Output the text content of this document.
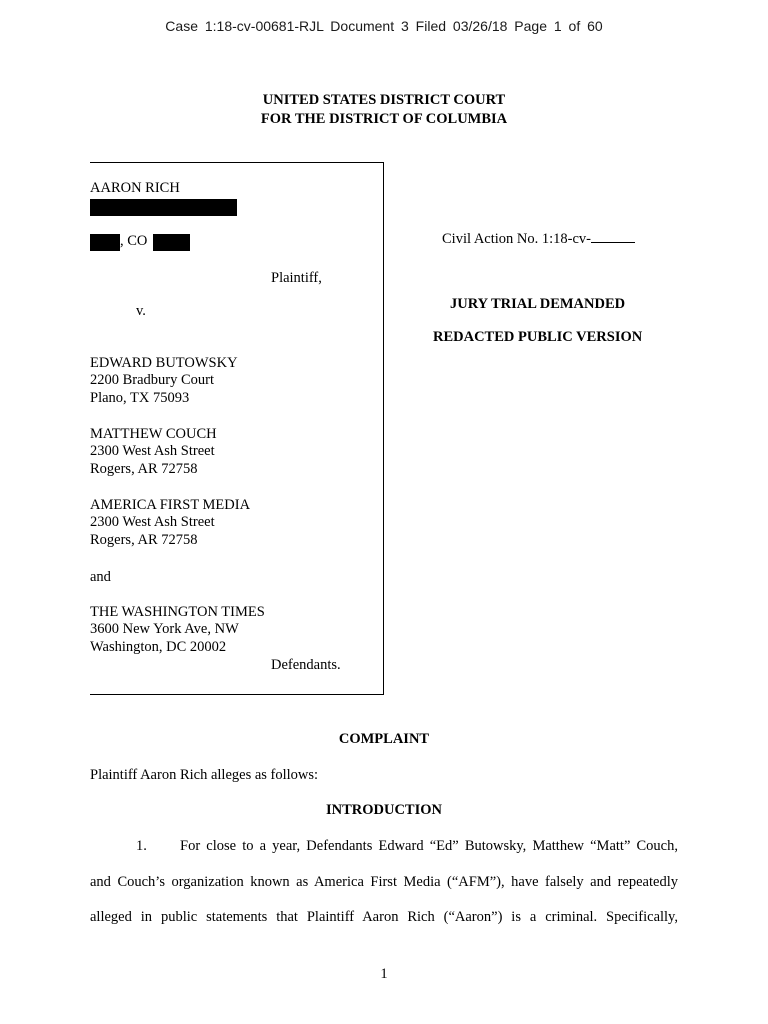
Case 1:18-cv-00681-RJL Document 3 Filed 03/26/18 Page 1 of 60
UNITED STATES DISTRICT COURT
FOR THE DISTRICT OF COLUMBIA
AARON RICH
, CO
Plaintiff,
v.
EDWARD BUTOWSKY
2200 Bradbury Court
Plano, TX 75093
MATTHEW COUCH
2300 West Ash Street
Rogers, AR 72758
AMERICA FIRST MEDIA
2300 West Ash Street
Rogers, AR 72758
and
THE WASHINGTON TIMES
3600 New York Ave, NW
Washington, DC 20002
Defendants.
Civil Action No. 1:18-cv-
JURY TRIAL DEMANDED
REDACTED PUBLIC VERSION
COMPLAINT
Plaintiff Aaron Rich alleges as follows:
INTRODUCTION
1. For close to a year, Defendants Edward “Ed” Butowsky, Matthew “Matt” Couch,
and Couch’s organization known as America First Media (“AFM”), have falsely and repeatedly
alleged in public statements that Plaintiff Aaron Rich (“Aaron”) is a criminal. Specifically,
1
